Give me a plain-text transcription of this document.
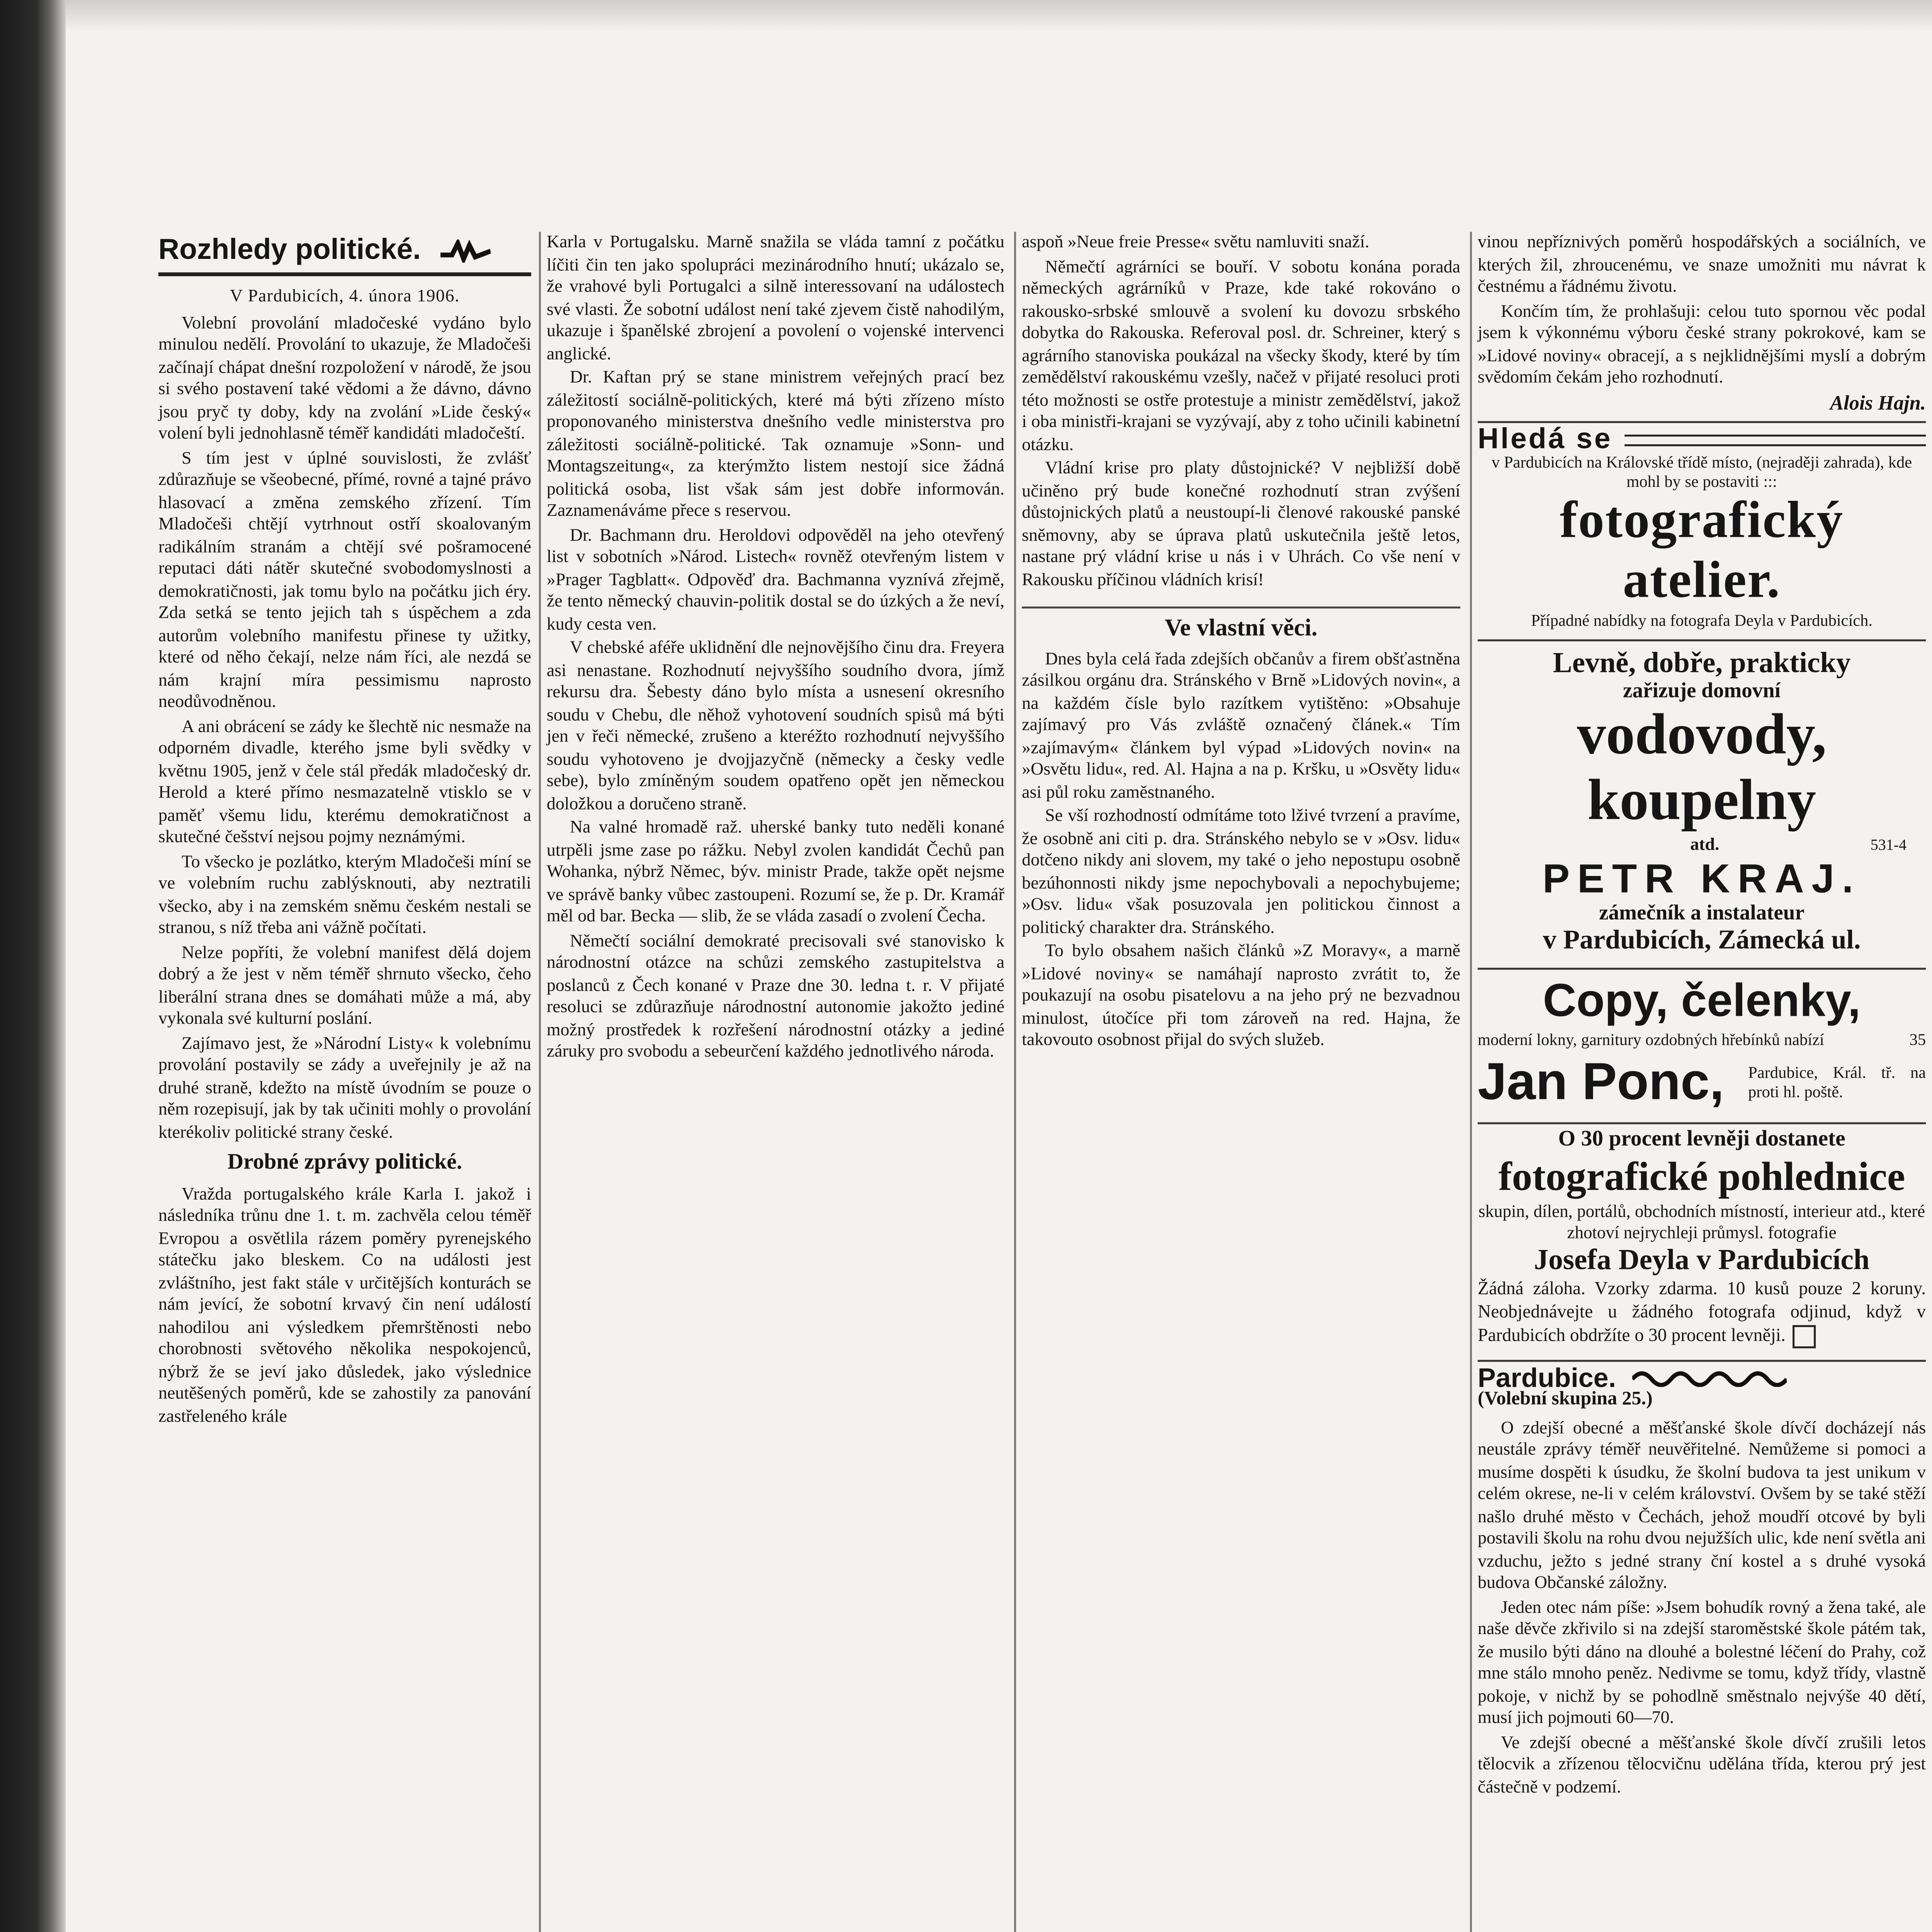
Rozhledy politické.
V Pardubicích, 4. února 1906.

Volební provolání mladočeské vydáno bylo minulou nedělí. Provolání to ukazuje, že Mladočeši začínají chápat dnešní rozpoložení v národě, že jsou si svého postavení také vědomi a že dávno, dávno jsou pryč ty doby, kdy na zvolání »Lide český« volení byli jednohlasně téměř kandidáti mladočeští.

S tím jest v úplné souvislosti, že zvlášť zdůrazňuje se všeobecné, přímé, rovné a tajné právo hlasovací a změna zemského zřízení. Tím Mladočeši chtějí vytrhnout ostří skoalovaným radikálním stranám a chtějí své pošramocené reputaci dáti nátěr skutečné svobodomyslnosti a demokratičnosti, jak tomu bylo na počátku jich éry. Zda setká se tento jejich tah s úspěchem a zda autorům volebního manifestu přinese ty užitky, které od něho čekají, nelze nám říci, ale nezdá se nám krajní míra pessimismu naprosto neodůvodněnou.

A ani obrácení se zády ke šlechtě nic nesmaže na odporném divadle, kterého jsme byli svědky v květnu 1905, jenž v čele stál předák mladočeský dr. Herold a které přímo nesmazatelně vtisklo se v paměť všemu lidu, kterému demokratičnost a skutečné češství nejsou pojmy neznámými.

To všecko je pozlátko, kterým Mladočeši míní se ve volebním ruchu zablýsknouti, aby neztratili všecko, aby i na zemském sněmu českém nestali se stranou, s níž třeba ani vážně počítati.

Nelze popříti, že volební manifest dělá dojem dobrý a že jest v něm téměř shrnuto všecko, čeho liberální strana dnes se domáhati může a má, aby vykonala své kulturní poslání.

Zajímavo jest, že »Národní Listy« k volebnímu provolání postavily se zády a uveřejnily je až na druhé straně, kdežto na místě úvodním se pouze o něm rozepisují, jak by tak učiniti mohly o provolání kterékoliv politické strany české.

Drobné zprávy politické.

Vražda portugalského krále Karla I. jakož i následníka trůnu dne 1. t. m. zachvěla celou téměř Evropou a osvětlila rázem poměry pyrenejského státečku jako bleskem. Co na události jest zvláštního, jest fakt stále v určitějších konturách se nám jevící, že sobotní krvavý čin není událostí nahodilou ani výsledkem přemrštěnosti nebo chorobnosti světového několika nespokojenců, nýbrž že se jeví jako důsledek, jako výslednice neutěšených poměrů, kde se zahostily za panování zastřeleného krále

Karla v Portugalsku. Marně snažila se vláda tamní z počátku líčiti čin ten jako spolupráci mezinárodního hnutí; ukázalo se, že vrahové byli Portugalci a silně interessovaní na událostech své vlasti. Že sobotní událost není také zjevem čistě nahodilým, ukazuje i španělské zbrojení a povolení o vojenské intervenci anglické.

Dr. Kaftan prý se stane ministrem veřejných prací bez záležitostí sociálně-politických, které má býti zřízeno místo proponovaného ministerstva dnešního vedle ministerstva pro záležitosti sociálně-politické. Tak oznamuje »Sonn- und Montagszeitung«, za kterýmžto listem nestojí sice žádná politická osoba, list však sám jest dobře informován. Zaznamenáváme přece s reservou.

Dr. Bachmann dru. Heroldovi odpověděl na jeho otevřený list v sobotních »Národ. Listech« rovněž otevřeným listem v »Prager Tagblatt«. Odpověď dra. Bachmanna vyznívá zřejmě, že tento německý chauvin-politik dostal se do úzkých a že neví, kudy cesta ven.

V chebské aféře uklidnění dle nejnovějšího činu dra. Freyera asi nenastane. Rozhodnutí nejvyššího soudního dvora, jímž rekursu dra. Šebesty dáno bylo místa a usnesení okresního soudu v Chebu, dle něhož vyhotovení soudních spisů má býti jen v řeči německé, zrušeno a kteréžto rozhodnutí nejvyššího soudu vyhotoveno je dvojjazyčně (německy a česky vedle sebe), bylo zmíněným soudem opatřeno opět jen německou doložkou a doručeno straně.

Na valné hromadě raž. uherské banky tuto neděli konané utrpěli jsme zase po rážku. Nebyl zvolen kandidát Čechů pan Wohanka, nýbrž Němec, býv. ministr Prade, takže opět nejsme ve správě banky vůbec zastoupeni. Rozumí se, že p. Dr. Kramář měl od bar. Becka — slib, že se vláda zasadí o zvolení Čecha.

Němečtí sociální demokraté precisovali své stanovisko k národnostní otázce na schůzi zemského zastupitelstva a poslanců z Čech konané v Praze dne 30. ledna t. r. V přijaté resoluci se zdůrazňuje národnostní autonomie jakožto jediné možný prostředek k rozřešení národnostní otázky a jediné záruky pro svobodu a sebeurčení každého jednotlivého národa.

aspoň »Neue freie Presse« světu namluviti snaží.

Němečtí agrárníci se bouří. V sobotu konána porada německých agrárníků v Praze, kde také rokováno o rakousko-srbské smlouvě a svolení ku dovozu srbského dobytka do Rakouska. Referoval posl. dr. Schreiner, který s agrárního stanoviska poukázal na všecky škody, které by tím zemědělství rakouskému vzešly, načež v přijaté resoluci proti této možnosti se ostře protestuje a ministr zemědělství, jakož i oba ministři-krajani se vyzývají, aby z toho učinili kabinetní otázku.

Vládní krise pro platy důstojnické? V nejbližší době učiněno prý bude konečné rozhodnutí stran zvýšení důstojnických platů a neustoupí-li členové rakouské panské sněmovny, aby se úprava platů uskutečnila ještě letos, nastane prý vládní krise u nás i v Uhrách. Co vše není v Rakousku příčinou vládních krisí!

Ve vlastní věci.

Dnes byla celá řada zdejších občanův a firem obšťastněna zásilkou orgánu dra. Stránského v Brně »Lidových novin«, a na každém čísle bylo razítkem vytištěno: »Obsahuje zajímavý pro Vás zvláště označený článek.« Tím »zajímavým« článkem byl výpad »Lidových novin« na »Osvětu lidu«, red. Al. Hajna a na p. Kršku, u »Osvěty lidu« asi půl roku zaměstnaného.

Se vší rozhodností odmítáme toto lživé tvrzení a pravíme, že osobně ani citi p. dra. Stránského nebylo se v »Osv. lidu« dotčeno nikdy ani slovem, my také o jeho nepostupu osobně bezúhonnosti nikdy jsme nepochybovali a nepochybujeme; »Osv. lidu« však posuzovala jen politickou činnost a politický charakter dra. Stránského.

To bylo obsahem našich článků »Z Moravy«, a marně »Lidové noviny« se namáhají naprosto zvrátit to, že poukazují na osobu pisatelovu a na jeho prý ne bezvadnou minulost, útočíce při tom zároveň na red. Hajna, že takovouto osobnost přijal do svých služeb.

vinou nepříznivých poměrů hospodářských a sociálních, ve kterých žil, zhroucenému, ve snaze umožniti mu návrat k čestnému a řádnému životu.

Končím tím, že prohlašuji: celou tuto spornou věc podal jsem k výkonnému výboru české strany pokrokové, kam se »Lidové noviny« obracejí, a s nejklidnějšími myslí a dobrým svědomím čekám jeho rozhodnutí.

Alois Hajn.
Hledá se
v Pardubicích na Královské třídě místo, (nejraději zahrada), kde mohl by se postaviti :::
fotografický atelier.
Případné nabídky na fotografa Deyla v Pardubicích.
Levně, dobře, prakticky
zařizuje domovní
vodovody, koupelny
atd.	531-4
PETR KRAJ.
zámečník a instalateur
v Pardubicích, Zámecká ul.
Copy, čelenky,
moderní lokny, garnitury ozdobných hřebínků nabízí	35
Jan Ponc,	Pardubice, Král. tř. na proti hl. poště.
O 30 procent levněji dostanete
fotografické pohlednice
skupin, dílen, portálů, obchodních místností, interieur atd., které zhotoví nejrychleji průmysl. fotografie
Josefa Deyla v Pardubicích
Žádná záloha. Vzorky zdarma. 10 kusů pouze 2 koruny. Neobjednávejte u žádného fotografa odjinud, když v Pardubicích obdržíte o 30 procent levněji.
Pardubice.
(Volební skupina 25.)

O zdejší obecné a měšťanské škole dívčí docházejí nás neustále zprávy téměř neuvěřitelné. Nemůžeme si pomoci a musíme dospěti k úsudku, že školní budova ta jest unikum v celém okrese, ne-li v celém království. Ovšem by se také stěží našlo druhé město v Čechách, jehož moudří otcové by byli postavili školu na rohu dvou nejužších ulic, kde není světla ani vzduchu, ježto s jedné strany ční kostel a s druhé vysoká budova Občanské záložny.

Jeden otec nám píše: »Jsem bohudík rovný a žena také, ale naše děvče zkřivilo si na zdejší staroměstské škole pátém tak, že musilo býti dáno na dlouhé a bolestné léčení do Prahy, což mne stálo mnoho peněz. Nedivme se tomu, když třídy, vlastně pokoje, v nichž by se pohodlně směstnalo nejvýše 40 dětí, musí jich pojmouti 60—70.

Ve zdejší obecné a měšťanské škole dívčí zrušili letos tělocvik a zřízenou tělocvičnu udělána třída, kterou prý jest částečně v podzemí.
